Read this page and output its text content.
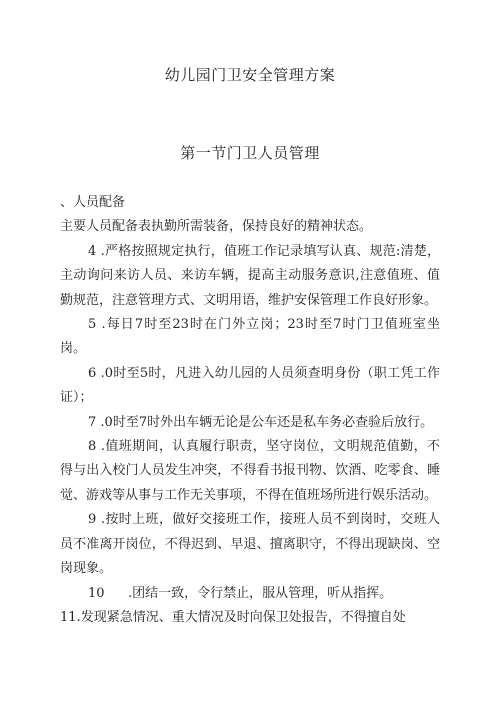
幼儿园门卫安全管理方案
第一节门卫人员管理

、人员配备

主要人员配备表执勤所需装备，保持良好的精神状态。

4 .严格按照规定执行，值班工作记录填写认真、规范:清楚，主动询问来访人员、来访车辆，提高主动服务意识,注意值班、值勤规范，注意管理方式、文明用语，维护安保管理工作良好形象。

5 .每日7时至23时在门外立岗；23时至7时门卫值班室坐岗。

6 .0时至5时，凡进入幼儿园的人员须查明身份（职工凭工作证）；

7 .0时至7时外出车辆无论是公车还是私车务必查验后放行。

8 .值班期间，认真履行职责，坚守岗位，文明规范值勤，不得与出入校门人员发生冲突，不得看书报刊物、饮酒、吃零食、睡觉、游戏等从事与工作无关事项，不得在值班场所进行娱乐活动。

9 .按时上班，做好交接班工作，接班人员不到岗时，交班人员不准离开岗位，不得迟到、早退、擅离职守，不得出现缺岗、空岗现象。

10 .团结一致，令行禁止，服从管理，听从指挥。

11.发现紧急情况、重大情况及时向保卫处报告，不得擅自处
